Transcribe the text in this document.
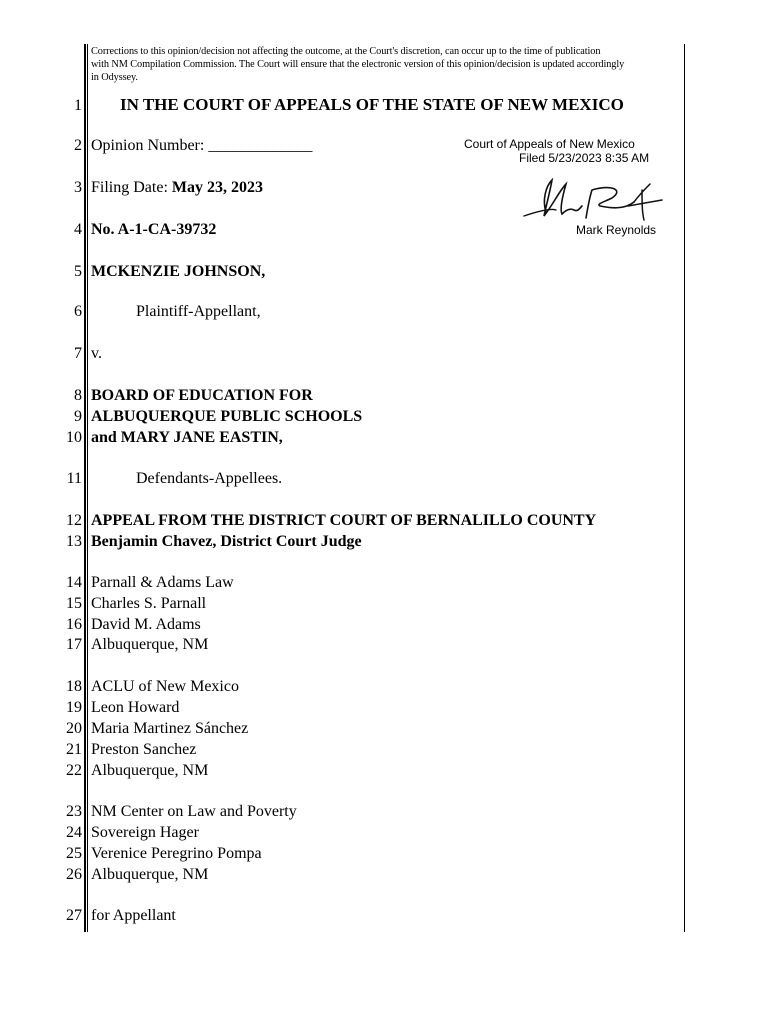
Corrections to this opinion/decision not affecting the outcome, at the Court's discretion, can occur up to the time of publication
with NM Compilation Commission. The Court will ensure that the electronic version of this opinion/decision is updated accordingly
in Odyssey.
1 IN THE COURT OF APPEALS OF THE STATE OF NEW MEXICO
2 Opinion Number: _____________
3 Filing Date: May 23, 2023
4 No. A-1-CA-39732
Court of Appeals of New Mexico
Filed 5/23/2023 8:35 AM
Mark Reynolds
5 MCKENZIE JOHNSON,
6	Plaintiff-Appellant,
7 v.
8 BOARD OF EDUCATION FOR
9 ALBUQUERQUE PUBLIC SCHOOLS
10 and MARY JANE EASTIN,
11	Defendants-Appellees.
12 APPEAL FROM THE DISTRICT COURT OF BERNALILLO COUNTY
13 Benjamin Chavez, District Court Judge
14 Parnall & Adams Law
15 Charles S. Parnall
16 David M. Adams
17 Albuquerque, NM
18 ACLU of New Mexico
19 Leon Howard
20 Maria Martinez Sánchez
21 Preston Sanchez
22 Albuquerque, NM
23 NM Center on Law and Poverty
24 Sovereign Hager
25 Verenice Peregrino Pompa
26 Albuquerque, NM
27 for Appellant
